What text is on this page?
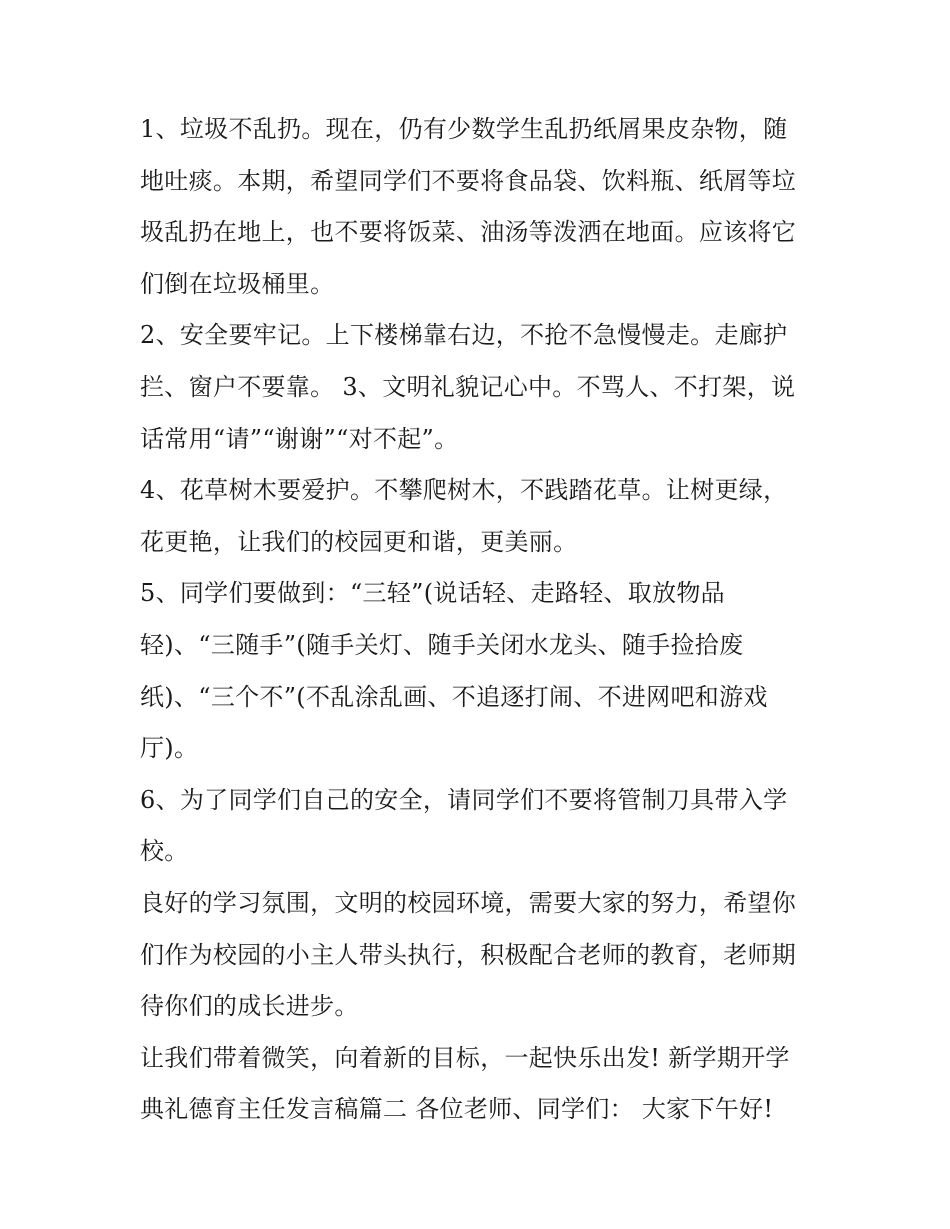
1、垃圾不乱扔。现在，仍有少数学生乱扔纸屑果皮杂物，随
地吐痰。本期，希望同学们不要将食品袋、饮料瓶、纸屑等垃
圾乱扔在地上，也不要将饭菜、油汤等泼洒在地面。应该将它
们倒在垃圾桶里。
2、安全要牢记。上下楼梯靠右边，不抢不急慢慢走。走廊护
拦、窗户不要靠。 3、文明礼貌记心中。不骂人、不打架，说
话常用“请”“谢谢”“对不起”。
4、花草树木要爱护。不攀爬树木，不践踏花草。让树更绿，
花更艳，让我们的校园更和谐，更美丽。
5、同学们要做到：“三轻”(说话轻、走路轻、取放物品
轻)、“三随手”(随手关灯、随手关闭水龙头、随手捡拾废
纸)、“三个不”(不乱涂乱画、不追逐打闹、不进网吧和游戏
厅)。
6、为了同学们自己的安全，请同学们不要将管制刀具带入学
校。
良好的学习氛围，文明的校园环境，需要大家的努力，希望你
们作为校园的小主人带头执行，积极配合老师的教育，老师期
待你们的成长进步。
让我们带着微笑，向着新的目标，一起快乐出发! 新学期开学
典礼德育主任发言稿篇二 各位老师、同学们： 大家下午好!
